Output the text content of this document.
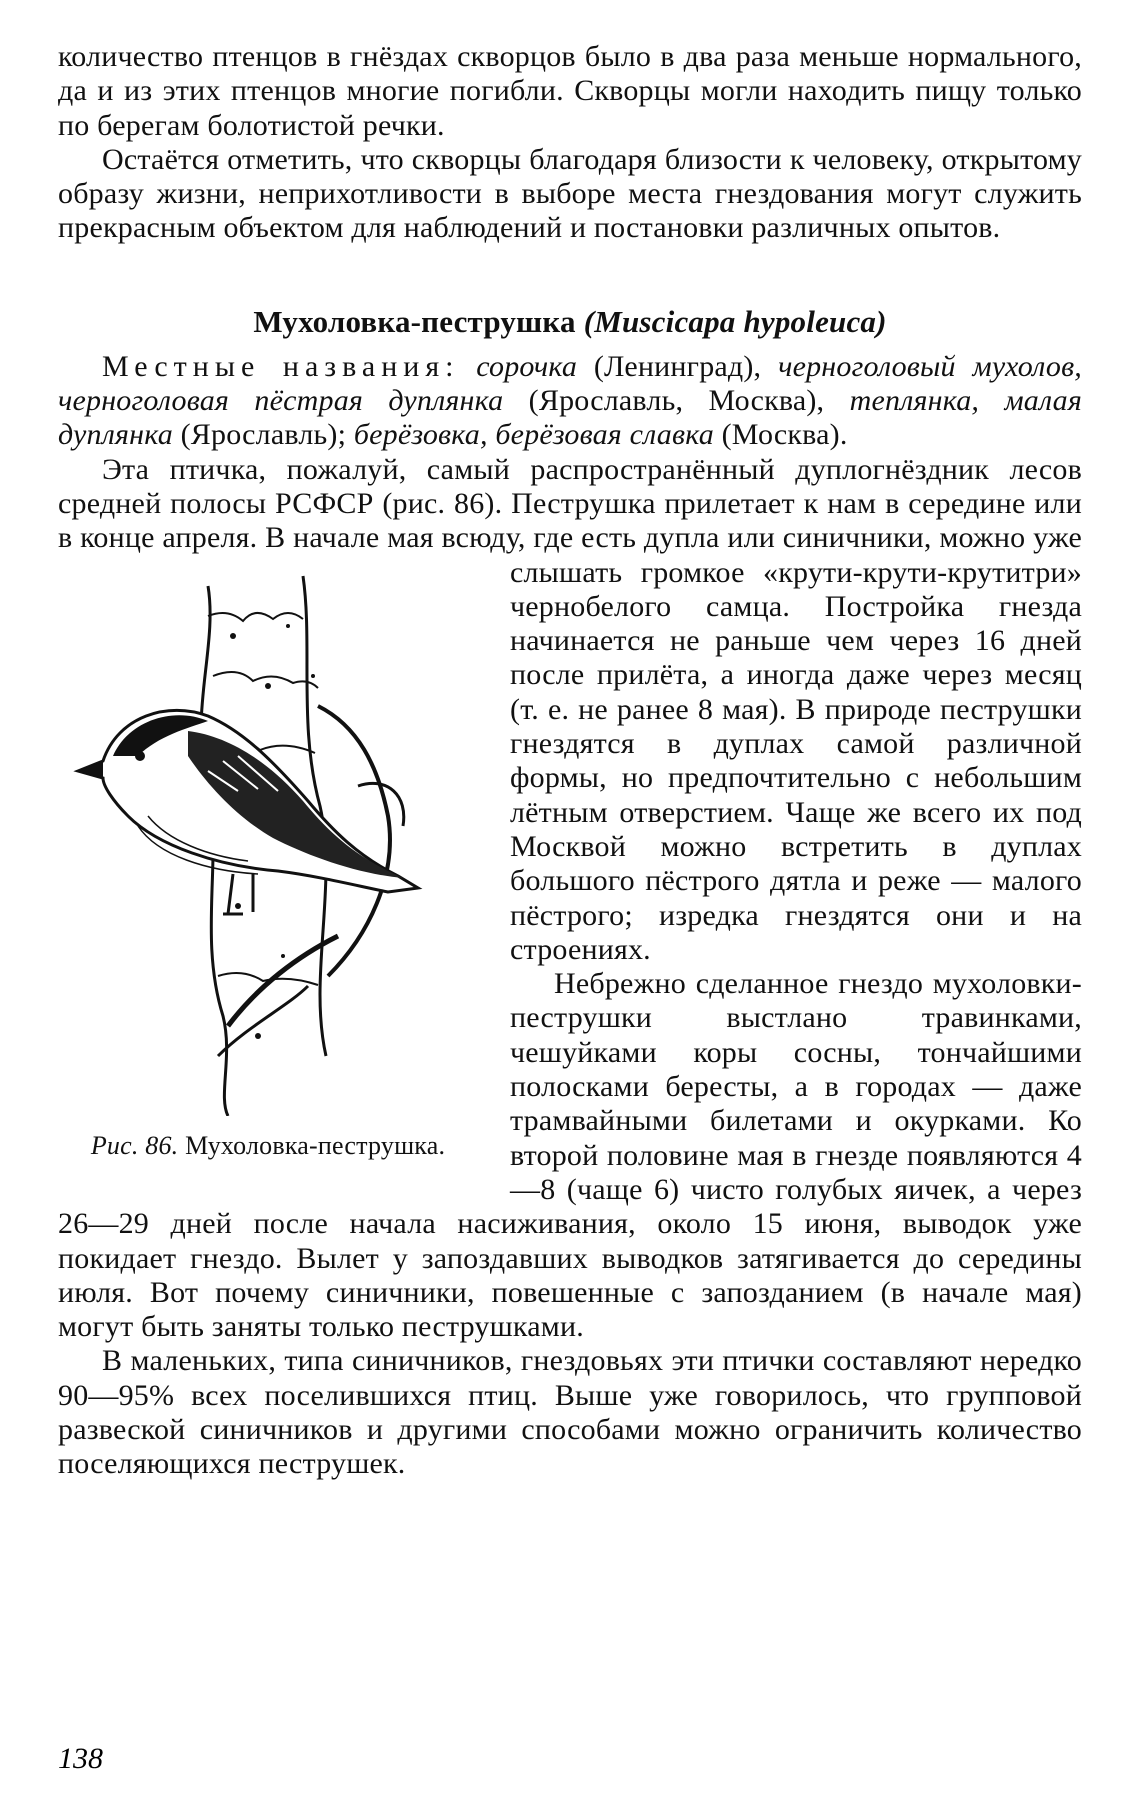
количество птенцов в гнёздах скворцов было в два раза меньше нормального, да и из этих птенцов многие погибли. Скворцы могли находить пищу только по берегам болотистой речки.

Остаётся отметить, что скворцы благодаря близости к человеку, открытому образу жизни, неприхотливости в выборе места гнездования могут служить прекрасным объектом для наблюдений и постановки различных опытов.

Мухоловка-пеструшка (Muscicapa hypoleuca)

Местные названия: сорочка (Ленинград), черноголовый мухолов, черноголовая пёстрая дуплянка (Ярославль, Москва), теплянка, малая дуплянка (Ярославль); берёзовка, берёзовая славка (Москва).

Эта птичка, пожалуй, самый распространённый дуплогнёздник лесов средней полосы РСФСР (рис. 86). Пеструшка прилетает к нам в середине или в конце апреля. В начале мая всюду, где есть дупла
Рис. 86. Мухоловка-пеструшка.
или синичники, можно уже слышать громкое «крути-крути-крутитри» чернобелого самца. Постройка гнезда начинается не раньше чем через 16 дней после прилёта, а иногда даже через месяц (т. е. не ранее 8 мая). В природе пеструшки гнездятся в дуплах самой различной формы, но предпочтительно с небольшим лётным отверстием. Чаще же всего их под Москвой можно встретить в дуплах большого пёстрого дятла и реже — малого пёстрого; изредка гнездятся они и на строениях.

Небрежно сделанное гнездо мухоловки-пеструшки выстлано травинками, чешуйками коры сосны, тончайшими полосками бересты, а в городах — даже трамвайными билетами и окурками. Ко второй половине мая в гнезде появляются 4—8 (чаще 6) чисто голубых яичек, а через 26—29 дней после начала насиживания, около 15 июня, выводок уже покидает гнездо. Вылет у запоздавших выводков затягивается до середины июля. Вот почему синичники, повешенные с запозданием (в начале мая) могут быть заняты только пеструшками.

В маленьких, типа синичников, гнездовьях эти птички составляют нередко 90—95% всех поселившихся птиц. Выше уже говорилось, что групповой развеской синичников и другими способами можно ограничить количество поселяющихся пеструшек.

138
